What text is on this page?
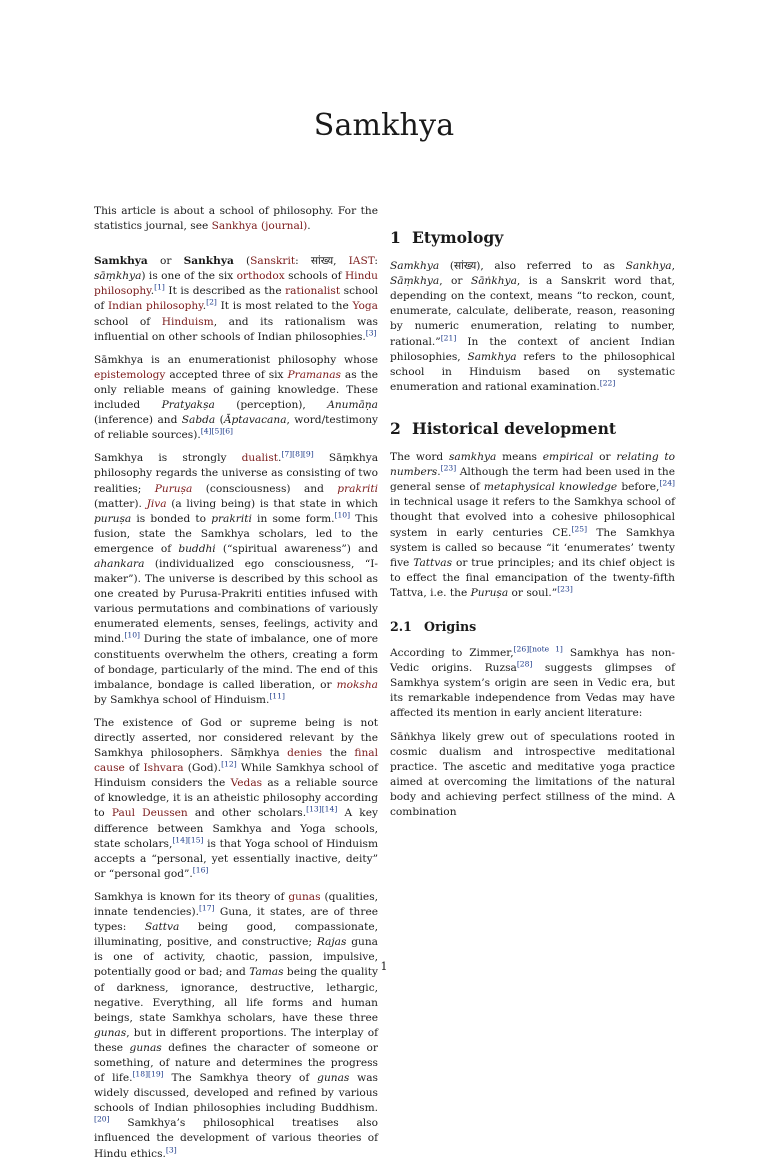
Samkhya

This article is about a school of philosophy. For the statistics journal, see Sankhya (journal).

Samkhya or Sankhya (Sanskrit: सांख्य, IAST: sāṃkhya) is one of the six orthodox schools of Hindu philosophy.[1] It is described as the rationalist school of Indian philosophy.[2] It is most related to the Yoga school of Hinduism, and its rationalism was influential on other schools of Indian philosophies.[3]

Sāmkhya is an enumerationist philosophy whose epistemology accepted three of six Pramanas as the only reliable means of gaining knowledge. These included Pratyakṣa (perception), Anumāṇa (inference) and Sabda (Āptavacana, word/testimony of reliable sources).[4][5][6]

Samkhya is strongly dualist.[7][8][9] Sāṃkhya philosophy regards the universe as consisting of two realities; Puruṣa (consciousness) and prakriti (matter). Jiva (a living being) is that state in which puruṣa is bonded to prakriti in some form.[10] This fusion, state the Samkhya scholars, led to the emergence of buddhi (“spiritual awareness”) and ahankara (individualized ego consciousness, “I-maker”). The universe is described by this school as one created by Purusa-Prakriti entities infused with various permutations and combinations of variously enumerated elements, senses, feelings, activity and mind.[10] During the state of imbalance, one of more constituents overwhelm the others, creating a form of bondage, particularly of the mind. The end of this imbalance, bondage is called liberation, or moksha by Samkhya school of Hinduism.[11]

The existence of God or supreme being is not directly asserted, nor considered relevant by the Samkhya philosophers. Sāṃkhya denies the final cause of Ishvara (God).[12] While Samkhya school of Hinduism considers the Vedas as a reliable source of knowledge, it is an atheistic philosophy according to Paul Deussen and other scholars.[13][14] A key difference between Samkhya and Yoga schools, state scholars,[14][15] is that Yoga school of Hinduism accepts a “personal, yet essentially inactive, deity” or “personal god”.[16]

Samkhya is known for its theory of gunas (qualities, innate tendencies).[17] Guna, it states, are of three types: Sattva being good, compassionate, illuminating, positive, and constructive; Rajas guna is one of activity, chaotic, passion, impulsive, potentially good or bad; and Tamas being the quality of darkness, ignorance, destructive, lethargic, negative. Everything, all life forms and human beings, state Samkhya scholars, have these three gunas, but in different proportions. The interplay of these gunas defines the character of someone or something, of nature and determines the progress of life.[18][19] The Samkhya theory of gunas was widely discussed, developed and refined by various schools of Indian philosophies including Buddhism.[20] Samkhya’s philosophical treatises also influenced the development of various theories of Hindu ethics.[3]

1 Etymology

Samkhya (सांख्य), also referred to as Sankhya, Sāṃkhya, or Sāṅkhya, is a Sanskrit word that, depending on the context, means “to reckon, count, enumerate, calculate, deliberate, reason, reasoning by numeric enumeration, relating to number, rational.”[21] In the context of ancient Indian philosophies, Samkhya refers to the philosophical school in Hinduism based on systematic enumeration and rational examination.[22]

2 Historical development

The word samkhya means empirical or relating to numbers.[23] Although the term had been used in the general sense of metaphysical knowledge before,[24] in technical usage it refers to the Samkhya school of thought that evolved into a cohesive philosophical system in early centuries CE.[25] The Samkhya system is called so because “it ‘enumerates’ twenty five Tattvas or true principles; and its chief object is to effect the final emancipation of the twenty-fifth Tattva, i.e. the Puruṣa or soul.”[23]

2.1 Origins

According to Zimmer,[26][note 1] Samkhya has non-Vedic origins. Ruzsa[28] suggests glimpses of Samkhya system’s origin are seen in Vedic era, but its remarkable independence from Vedas may have affected its mention in early ancient literature:

Sāṅkhya likely grew out of speculations rooted in cosmic dualism and introspective meditational practice. The ascetic and meditative yoga practice aimed at overcoming the limitations of the natural body and achieving perfect stillness of the mind. A combination

1
